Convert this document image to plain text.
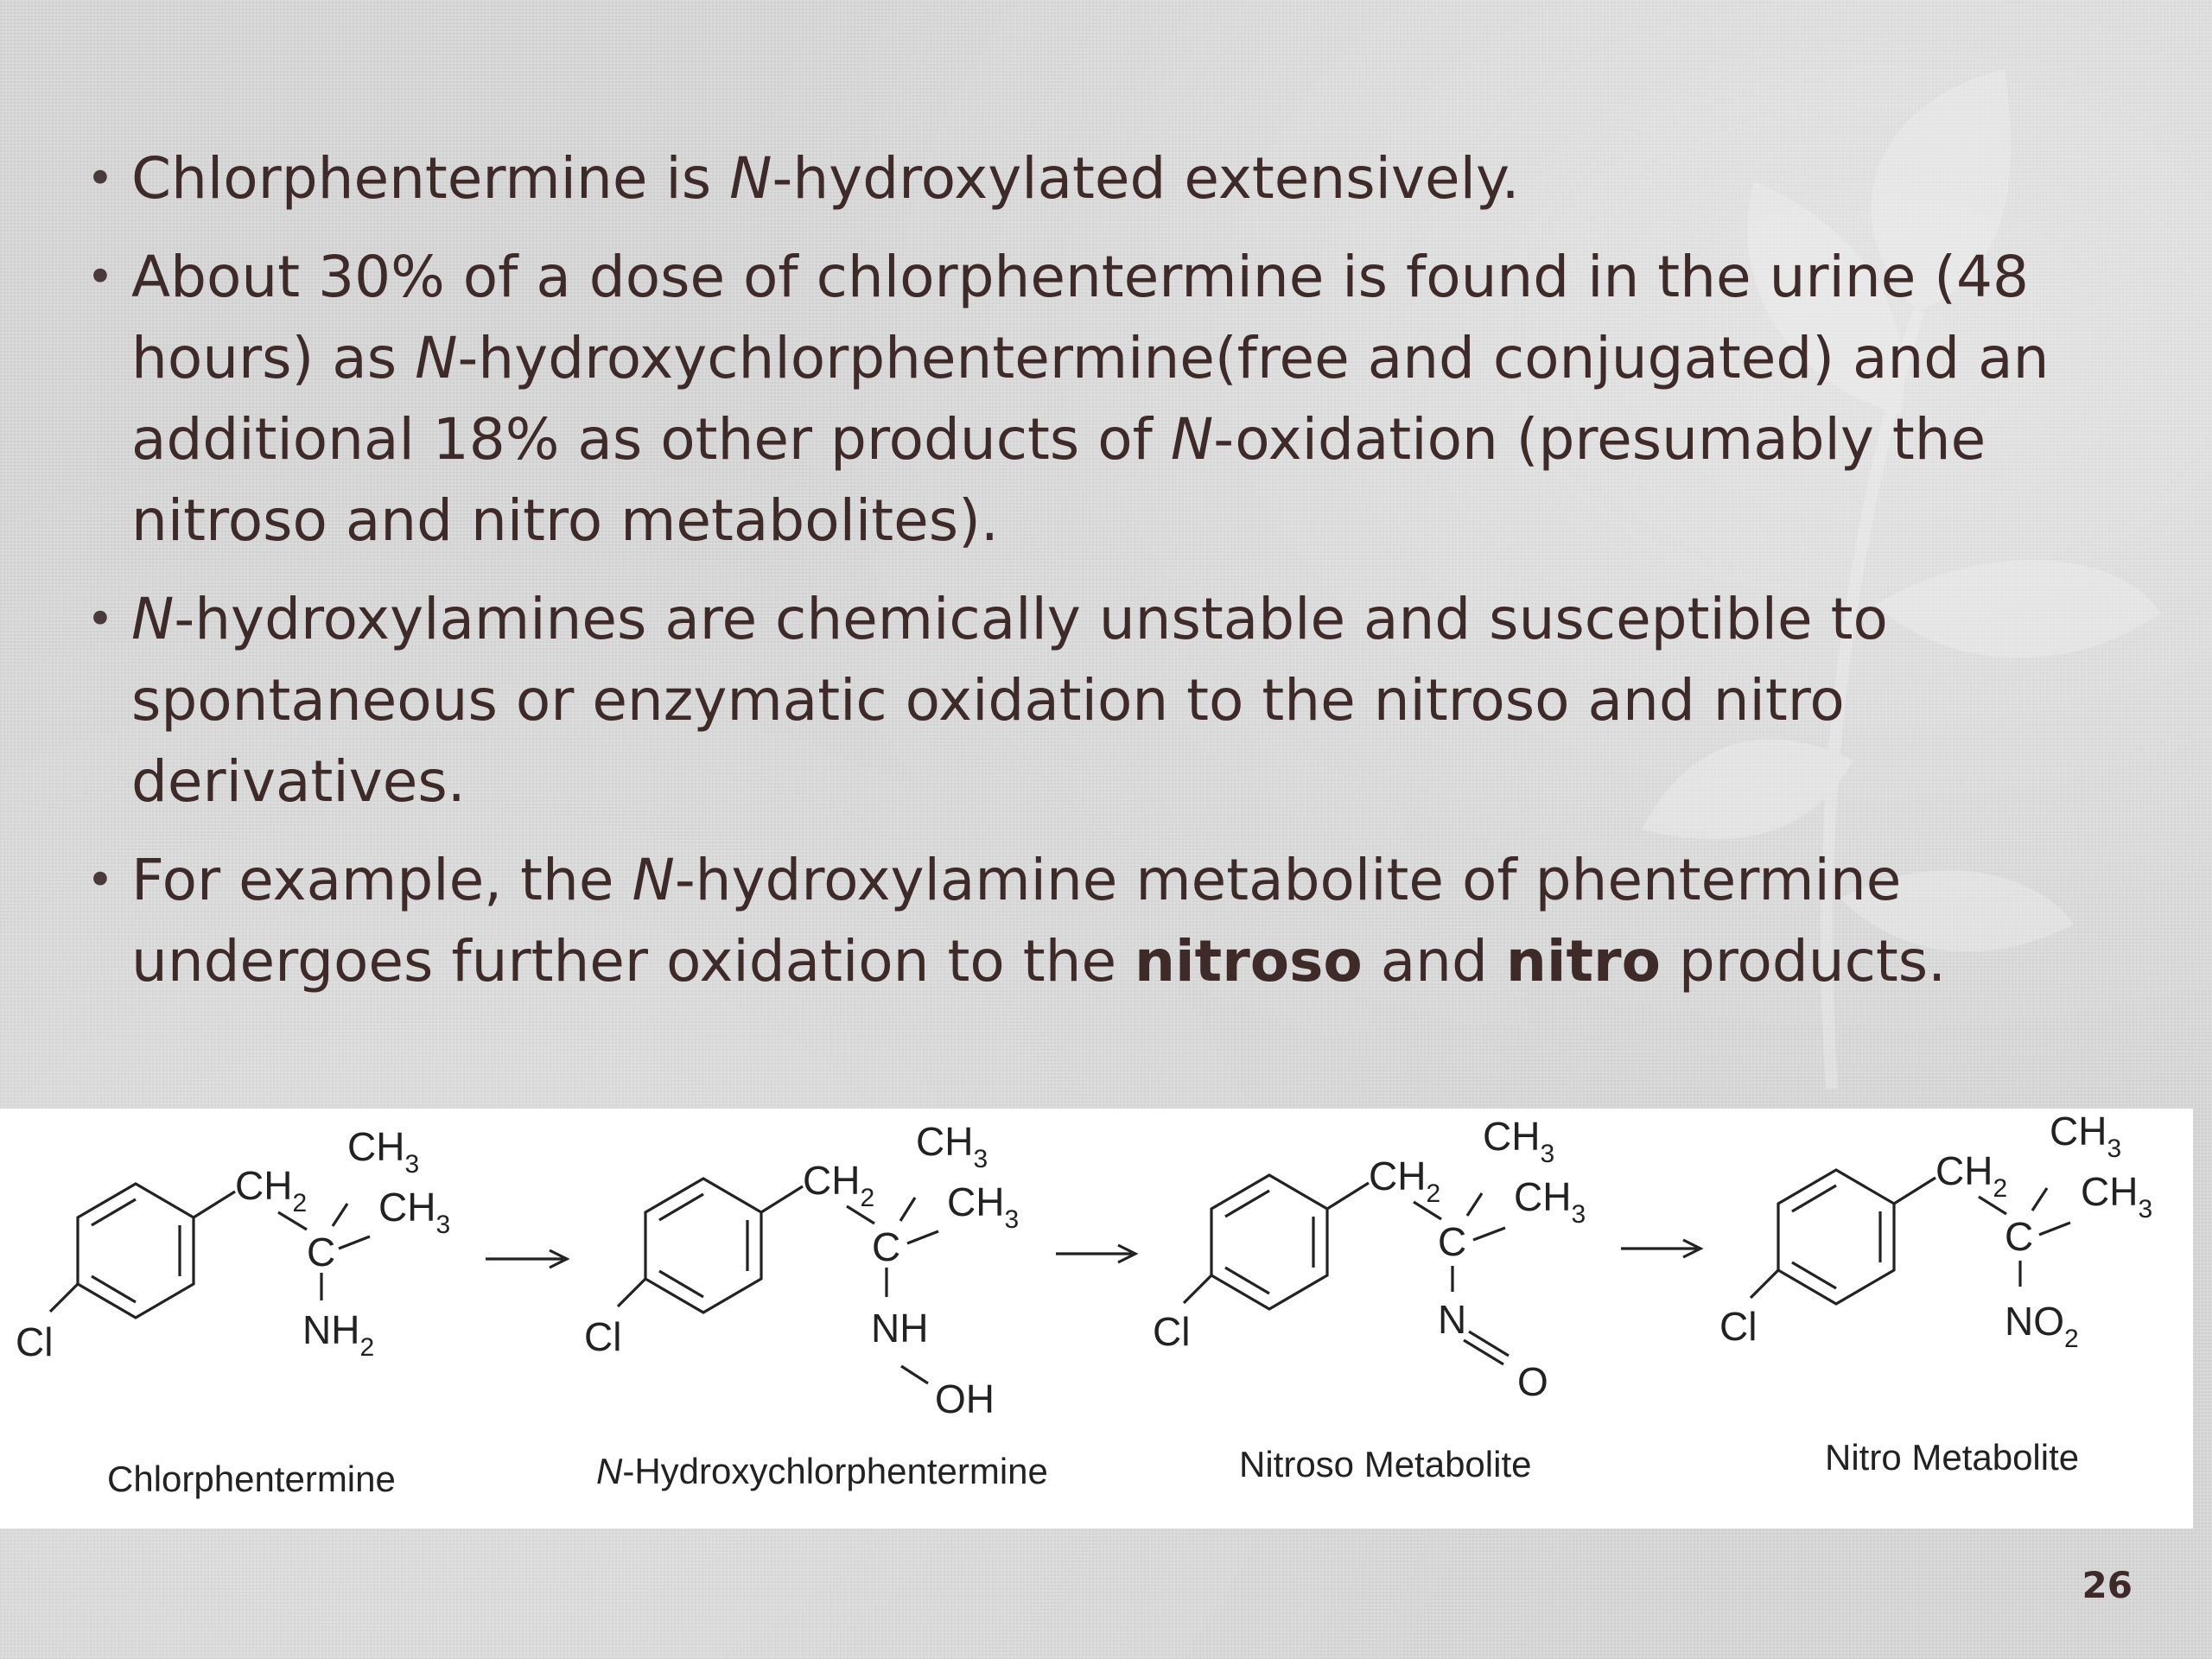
• Chlorphentermine is N-hydroxylated extensively.
• About 30% of a dose of chlorphentermine is found in the urine (48 hours) as N-hydroxychlorphentermine(free and conjugated) and an additional 18% as other products of N-oxidation (presumably the nitroso and nitro metabolites).
• N-hydroxylamines are chemically unstable and susceptible to spontaneous or enzymatic oxidation to the nitroso and nitro derivatives.
• For example, the N-hydroxylamine metabolite of phentermine undergoes further oxidation to the nitroso and nitro products.
Cl
$CH_2$
$CH_3$
$CH_3$
C
$NH_2$	Cl
$CH_2$
$CH_3$
$CH_3$
C
NH
OH
Cl
$CH_2$
$CH_3$
$CH_3$
C
N
O
Cl
$CH_2$
$CH_3$
$CH_3$
C
$NO_2$
Chlorphentermine	N-Hydroxychlorphentermine	Nitroso Metabolite	Nitro Metabolite
26
